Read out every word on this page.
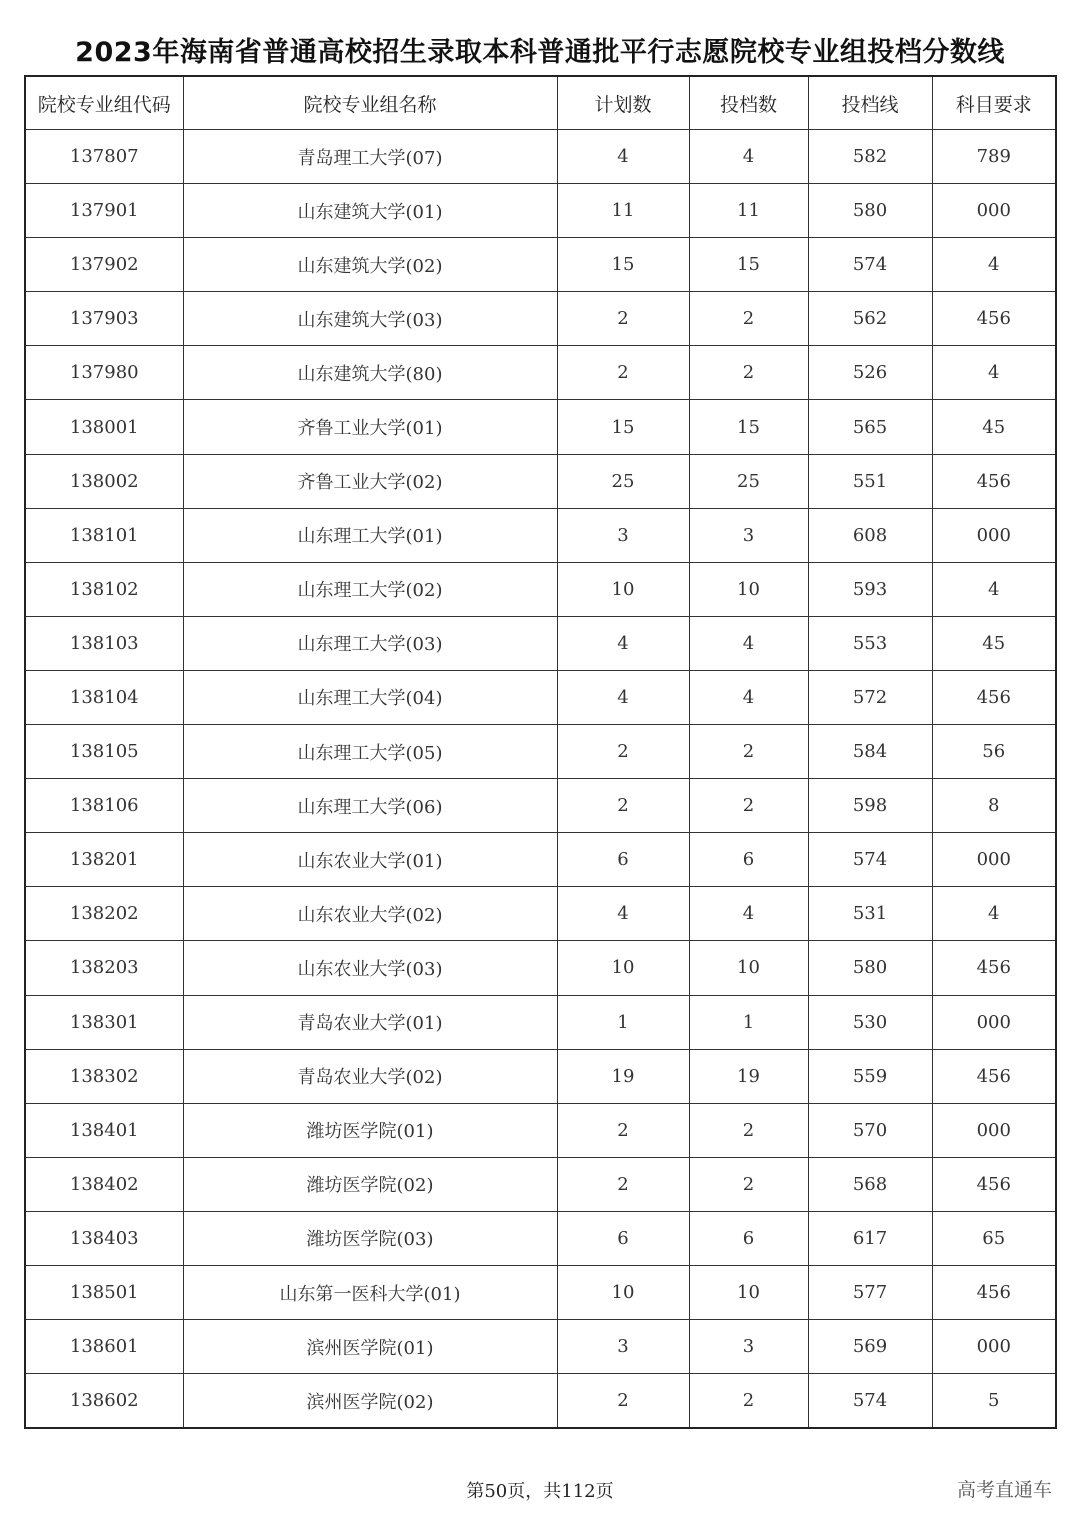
2023年海南省普通高校招生录取本科普通批平行志愿院校专业组投档分数线
院校专业组代码	院校专业组名称	计划数	投档数	投档线	科目要求
137807	青岛理工大学(07)	4	4	582	789
137901	山东建筑大学(01)	11	11	580	000
137902	山东建筑大学(02)	15	15	574	4
137903	山东建筑大学(03)	2	2	562	456
137980	山东建筑大学(80)	2	2	526	4
138001	齐鲁工业大学(01)	15	15	565	45
138002	齐鲁工业大学(02)	25	25	551	456
138101	山东理工大学(01)	3	3	608	000
138102	山东理工大学(02)	10	10	593	4
138103	山东理工大学(03)	4	4	553	45
138104	山东理工大学(04)	4	4	572	456
138105	山东理工大学(05)	2	2	584	56
138106	山东理工大学(06)	2	2	598	8
138201	山东农业大学(01)	6	6	574	000
138202	山东农业大学(02)	4	4	531	4
138203	山东农业大学(03)	10	10	580	456
138301	青岛农业大学(01)	1	1	530	000
138302	青岛农业大学(02)	19	19	559	456
138401	潍坊医学院(01)	2	2	570	000
138402	潍坊医学院(02)	2	2	568	456
138403	潍坊医学院(03)	6	6	617	65
138501	山东第一医科大学(01)	10	10	577	456
138601	滨州医学院(01)	3	3	569	000
138602	滨州医学院(02)	2	2	574	5
第50页，共112页	高考直通车
